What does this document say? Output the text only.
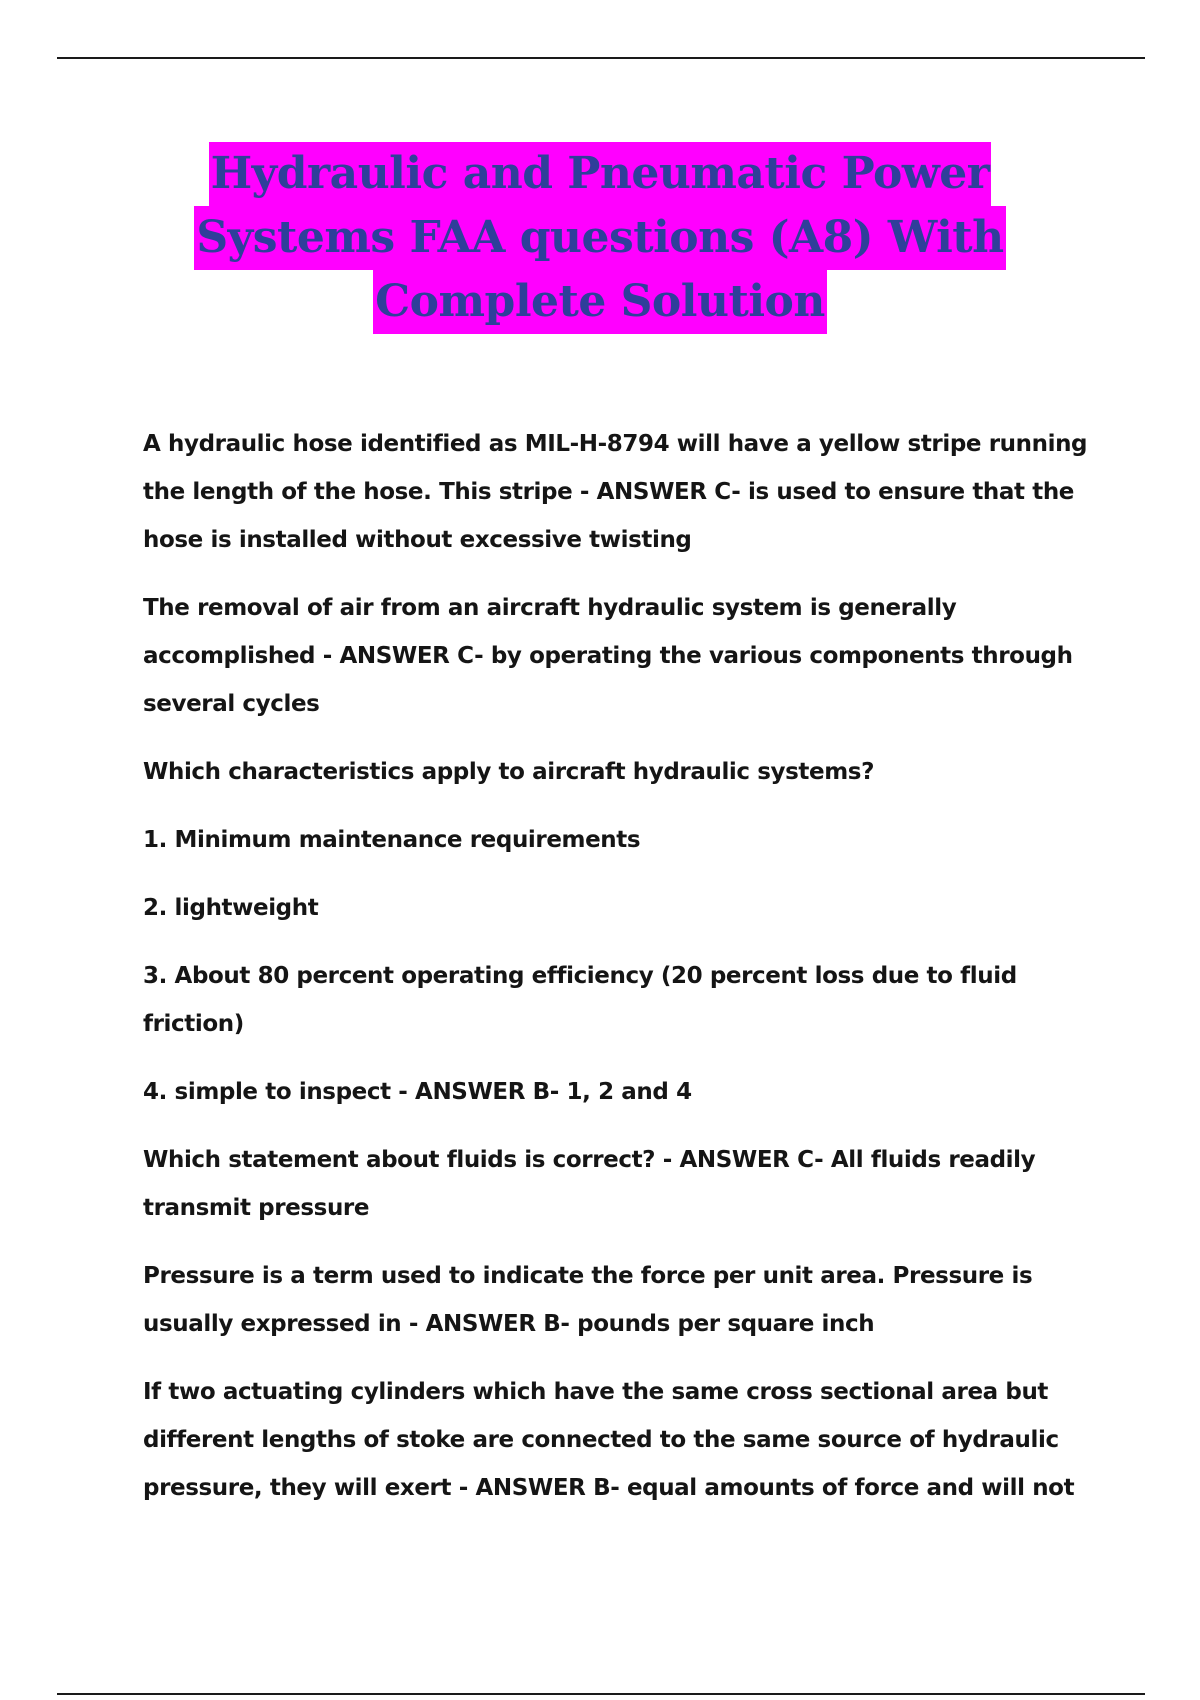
Hydraulic and Pneumatic Power
Systems FAA questions (A8) With
Complete Solution

A hydraulic hose identified as MIL-H-8794 will have a yellow stripe running the length of the hose. This stripe - ANSWER C- is used to ensure that the hose is installed without excessive twisting

The removal of air from an aircraft hydraulic system is generally accomplished - ANSWER C- by operating the various components through several cycles

Which characteristics apply to aircraft hydraulic systems?

1. Minimum maintenance requirements

2. lightweight

3. About 80 percent operating efficiency (20 percent loss due to fluid friction)

4. simple to inspect - ANSWER B- 1, 2 and 4

Which statement about fluids is correct? - ANSWER C- All fluids readily transmit pressure

Pressure is a term used to indicate the force per unit area. Pressure is usually expressed in - ANSWER B- pounds per square inch

If two actuating cylinders which have the same cross sectional area but different lengths of stoke are connected to the same source of hydraulic pressure, they will exert - ANSWER B- equal amounts of force and will not
